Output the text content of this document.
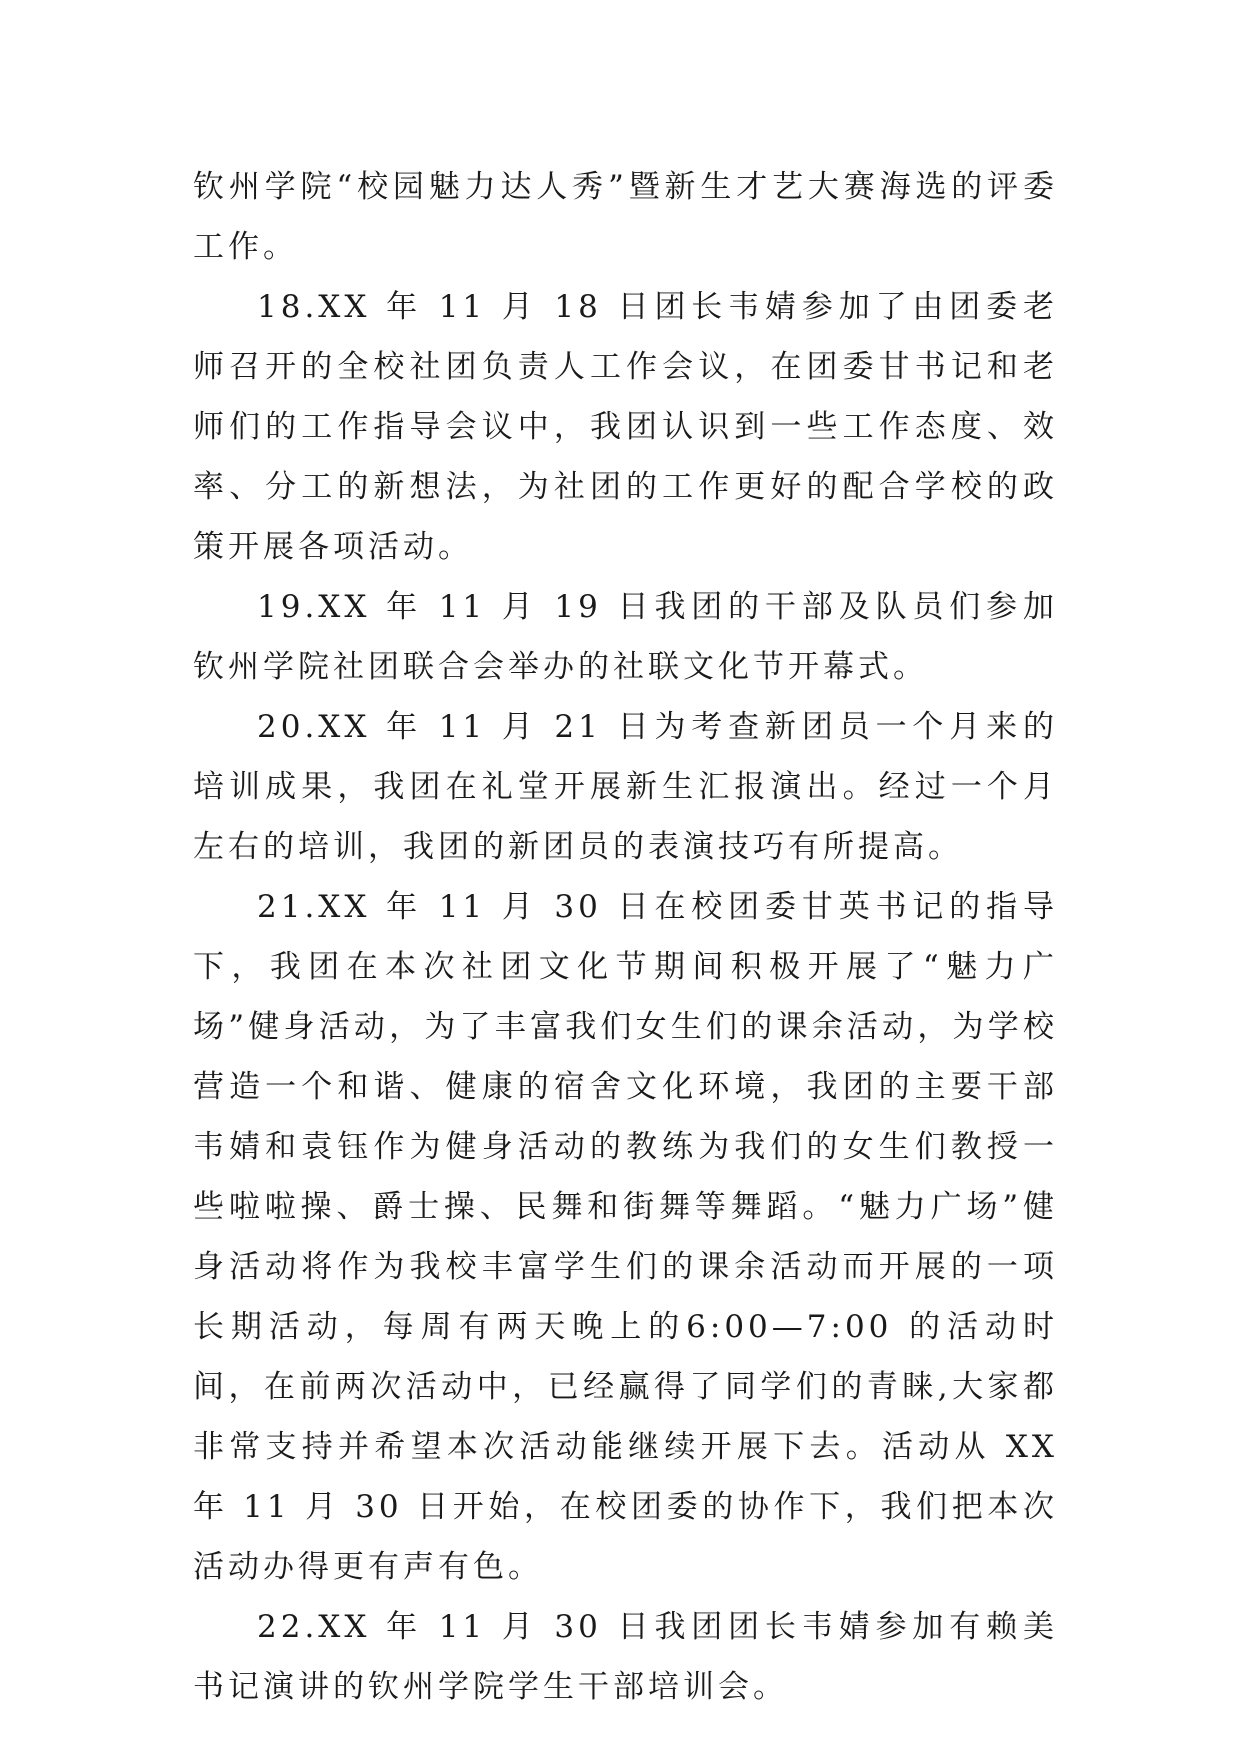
钦州学院“校园魅力达人秀”暨新生才艺大赛海选的评委工作。

18.XX 年 11 月 18 日团长韦婧参加了由团委老师召开的全校社团负责人工作会议，在团委甘书记和老师们的工作指导会议中，我团认识到一些工作态度、效率、分工的新想法，为社团的工作更好的配合学校的政策开展各项活动。

19.XX 年 11 月 19 日我团的干部及队员们参加钦州学院社团联合会举办的社联文化节开幕式。

20.XX 年 11 月 21 日为考查新团员一个月来的培训成果，我团在礼堂开展新生汇报演出。经过一个月左右的培训，我团的新团员的表演技巧有所提高。

21.XX 年 11 月 30 日在校团委甘英书记的指导下，我团在本次社团文化节期间积极开展了“魅力广场”健身活动，为了丰富我们女生们的课余活动，为学校营造一个和谐、健康的宿舍文化环境，我团的主要干部韦婧和袁钰作为健身活动的教练为我们的女生们教授一些啦啦操、爵士操、民舞和街舞等舞蹈。“魅力广场”健身活动将作为我校丰富学生们的课余活动而开展的一项长期活动，每周有两天晚上的6:00—7:00 的活动时间，在前两次活动中，已经赢得了同学们的青睐,大家都非常支持并希望本次活动能继续开展下去。活动从 XX 年 11 月 30 日开始，在校团委的协作下，我们把本次活动办得更有声有色。

22.XX 年 11 月 30 日我团团长韦婧参加有赖美书记演讲的钦州学院学生干部培训会。
